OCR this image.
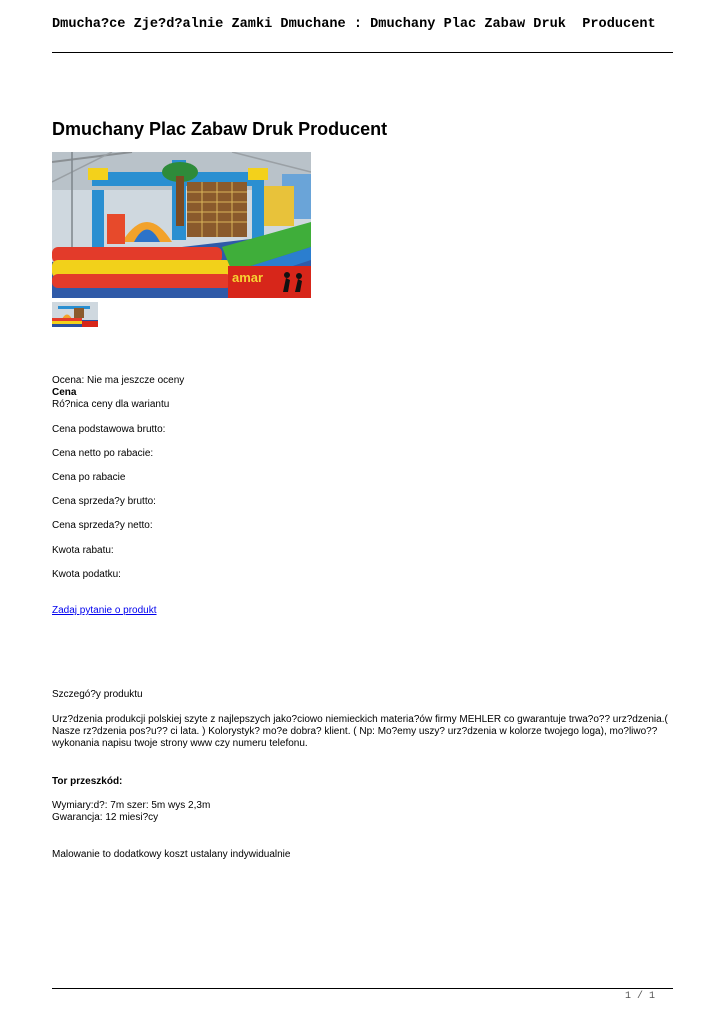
Dmucha?ce Zje?d?alnie Zamki Dmuchane : Dmuchany Plac Zabaw Druk  Producent
Dmuchany Plac Zabaw Druk Producent
amar
Ocena: Nie ma jeszcze oceny
Cena
Ró?nica ceny dla wariantu
Cena podstawowa brutto:
Cena netto po rabacie:
Cena po rabacie
Cena sprzeda?y brutto:
Cena sprzeda?y netto:
Kwota rabatu:
Kwota podatku:
Zadaj pytanie o produkt
Szczegó?y produktu
Urz?dzenia produkcji polskiej szyte z najlepszych jako?ciowo niemieckich materia?ów firmy MEHLER co gwarantuje trwa?o?? urz?dzenia.( Nasze rz?dzenia pos?u?? ci lata. ) Kolorystyk? mo?e dobra? klient. ( Np: Mo?emy uszy? urz?dzenia w kolorze twojego loga), mo?liwo?? wykonania napisu twoje strony www czy numeru telefonu.
Tor przeszkód:
Wymiary:d?: 7m szer: 5m wys 2,3m
Gwarancja: 12 miesi?cy
Malowanie to dodatkowy koszt ustalany indywidualnie
1 / 1
